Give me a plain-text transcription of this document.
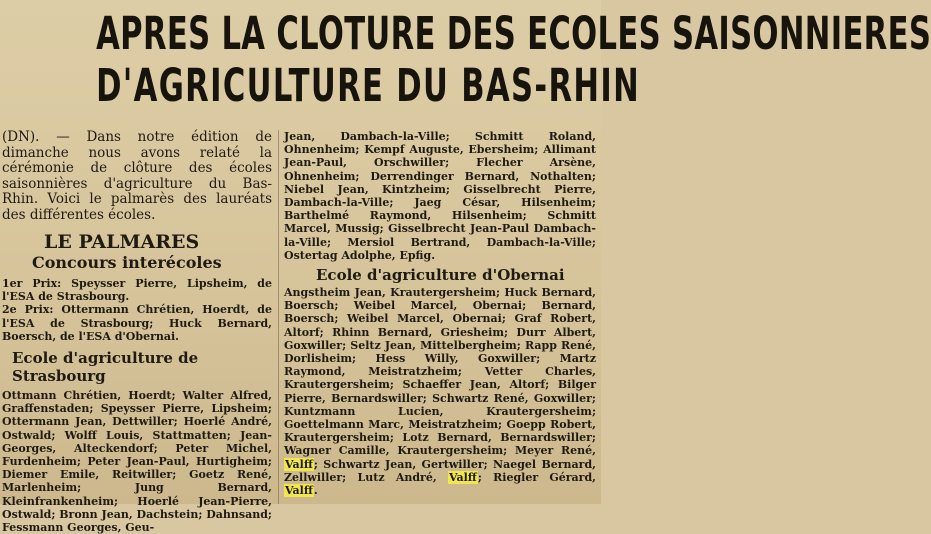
APRES LA CLOTURE DES ECOLES SAISONNIERES
D'AGRICULTURE DU BAS-RHIN

(DN). — Dans notre édition de dimanche nous avons relaté la cérémonie de clôture des écoles saisonnières d'agriculture du Bas-Rhin. Voici le palmarès des lauréats des différentes écoles.

LE PALMARES
Concours interécoles

1er Prix: Speysser Pierre, Lipsheim, de l'ESA de Strasbourg.

2e Prix: Ottermann Chrétien, Hoerdt, de l'ESA de Strasbourg; Huck Bernard, Boersch, de l'ESA d'Obernai.

Ecole d'agriculture de Strasbourg

Ottmann Chrétien, Hoerdt; Walter Alfred, Graffenstaden; Speysser Pierre, Lipsheim; Ottermann Jean, Dettwiller; Hoerlé André, Ostwald; Wolff Louis, Stattmatten; Jean-Georges, Alteckendorf; Peter Michel, Furdenheim; Peter Jean-Paul, Hurtigheim; Diemer Emile, Reitwiller; Goetz René, Marlenheim; Jung Bernard, Kleinfrankenheim; Hoerlé Jean-Pierre, Ostwald; Bronn Jean, Dachstein; Dahnsand; Fessmann Georges, Geu-

Jean, Dambach-la-Ville; Schmitt Roland, Ohnenheim; Kempf Auguste, Ebersheim; Allimant Jean-Paul, Orschwiller; Flecher Arsène, Ohnenheim; Derrendinger Bernard, Nothalten; Niebel Jean, Kintzheim; Gisselbrecht Pierre, Dambach-la-Ville; Jaeg César, Hilsenheim; Barthelmé Raymond, Hilsenheim; Schmitt Marcel, Mussig; Gisselbrecht Jean-Paul Dambach-la-Ville; Mersiol Bertrand, Dambach-la-Ville; Ostertag Adolphe, Epfig.

Ecole d'agriculture d'Obernai

Angstheim Jean, Krautergersheim; Huck Bernard, Boersch; Weibel Marcel, Obernai; Bernard, Boersch; Weibel Marcel, Obernai; Graf Robert, Altorf; Rhinn Bernard, Griesheim; Durr Albert, Goxwiller; Seltz Jean, Mittelbergheim; Rapp René, Dorlisheim; Hess Willy, Goxwiller; Martz Raymond, Meistratzheim; Vetter Charles, Krautergersheim; Schaeffer Jean, Altorf; Bilger Pierre, Bernardswiller; Schwartz René, Goxwiller; Kuntzmann Lucien, Krautergersheim; Goettelmann Marc, Meistratzheim; Goepp Robert, Krautergersheim; Lotz Bernard, Bernardswiller; Wagner Camille, Krautergersheim; Meyer René, Valff; Schwartz Jean, Gertwiller; Naegel Bernard, Zellwiller; Lutz André, Valff; Riegler Gérard, Valff.
